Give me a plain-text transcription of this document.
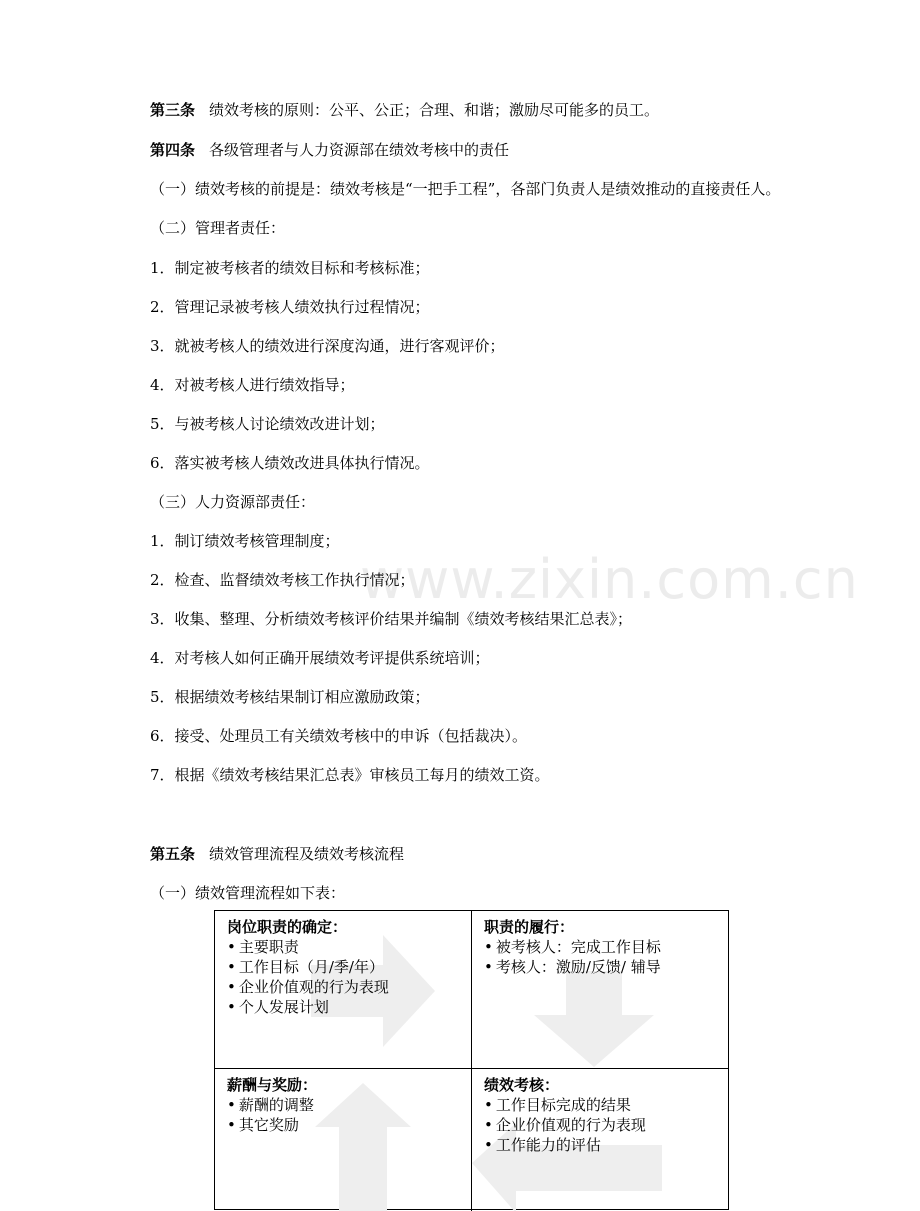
www.zixin.com.cn
第三条 绩效考核的原则：公平、公正；合理、和谐；激励尽可能多的员工。
第四条 各级管理者与人力资源部在绩效考核中的责任
（一）绩效考核的前提是：绩效考核是“一把手工程”，各部门负责人是绩效推动的直接责任人。
（二）管理者责任：
1．制定被考核者的绩效目标和考核标准；
2．管理记录被考核人绩效执行过程情况；
3．就被考核人的绩效进行深度沟通，进行客观评价；
4．对被考核人进行绩效指导；
5．与被考核人讨论绩效改进计划；
6．落实被考核人绩效改进具体执行情况。
（三）人力资源部责任：
1．制订绩效考核管理制度；
2．检查、监督绩效考核工作执行情况；
3．收集、整理、分析绩效考核评价结果并编制《绩效考核结果汇总表》；
4．对考核人如何正确开展绩效考评提供系统培训；
5．根据绩效考核结果制订相应激励政策；
6．接受、处理员工有关绩效考核中的申诉（包括裁决）。
7．根据《绩效考核结果汇总表》审核员工每月的绩效工资。
第五条 绩效管理流程及绩效考核流程
（一）绩效管理流程如下表：
岗位职责的确定：
• 主要职责
• 工作目标（月/季/年）
• 企业价值观的行为表现
• 个人发展计划
职责的履行：
• 被考核人：完成工作目标
• 考核人：激励/反馈/ 辅导
薪酬与奖励：
• 薪酬的调整
• 其它奖励
绩效考核：
• 工作目标完成的结果
• 企业价值观的行为表现
• 工作能力的评估
